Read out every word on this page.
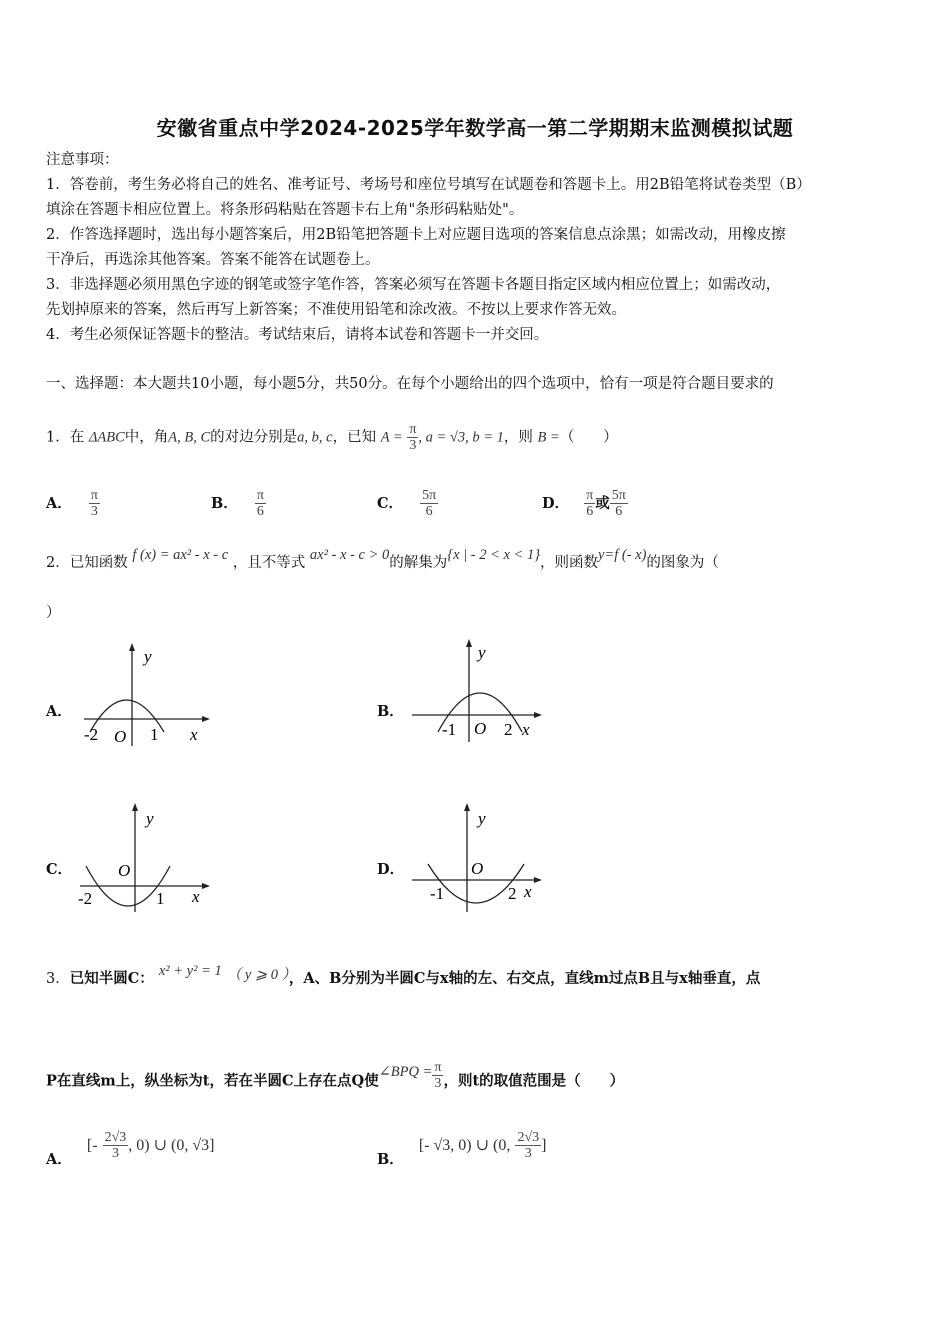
安徽省重点中学2024-2025学年数学高一第二学期期末监测模拟试题
注意事项：
1．答卷前，考生务必将自己的姓名、准考证号、考场号和座位号填写在试题卷和答题卡上。用2B铅笔将试卷类型（B）
填涂在答题卡相应位置上。将条形码粘贴在答题卡右上角"条形码粘贴处"。
2．作答选择题时，选出每小题答案后，用2B铅笔把答题卡上对应题目选项的答案信息点涂黑；如需改动，用橡皮擦
干净后，再选涂其他答案。答案不能答在试题卷上。
3．非选择题必须用黑色字迹的钢笔或签字笔作答，答案必须写在答题卡各题目指定区域内相应位置上；如需改动，
先划掉原来的答案，然后再写上新答案；不准使用铅笔和涂改液。不按以上要求作答无效。
4．考生必须保证答题卡的整洁。考试结束后，请将本试卷和答题卡一并交回。
一、选择题：本大题共10小题，每小题5分，共50分。在每个小题给出的四个选项中，恰有一项是符合题目要求的
1．在 ΔABC中，角A, B, C的对边分别是a, b, c，已知 $A = \frac{\pi}{3}$ , a = √3, b = 1，则 B =（　　）
A． $\frac{\pi}{3}$	B． $\frac{\pi}{6}$	C． $\frac{5\pi}{6}$	D． $\frac{\pi}{6}$ 或 $\frac{5\pi}{6}$
2．已知函数 f (x) = ax² - x - c ，且不等式 ax² - x - c > 0的解集为{x | - 2 < x < 1}，则函数y=f (- x)的图象为（
）
A．	B．
C．	D．
y
-2 O 1 x
y
-1 O 2 x
y
-2
O
1 x
y
-1
O
2 x
3．已知半圆C： x² + y² = 1 （ y ⩾ 0 ），A、B分别为半圆C与x轴的左、右交点，直线m过点B且与x轴垂直，点
P在直线m上，纵坐标为t，若在半圆C上存在点Q使∠BPQ = $\frac{\pi}{3}$ ，则t的取值范围是（　　）
A． [- $\frac{2√3}{3}$ , 0) ∪ (0, √3]
B． [- √3, 0) ∪ (0, $\frac{2√3}{3}$ ]
